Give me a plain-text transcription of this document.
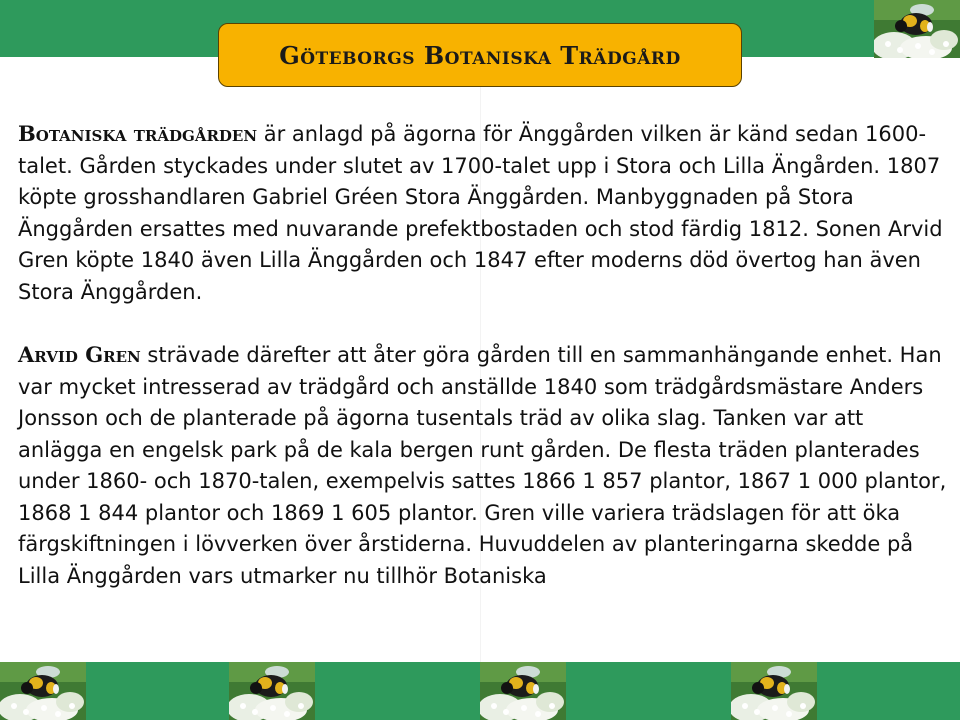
Göteborgs Botaniska Trädgård

Botaniska trädgården är anlagd på ägorna för Änggården vilken är känd sedan 1600-talet. Gården styckades under slutet av 1700-talet upp i Stora och Lilla Ängården. 1807 köpte grosshandlaren Gabriel Gréen Stora Änggården. Manbyggnaden på Stora Änggården ersattes med nuvarande prefektbostaden och stod färdig 1812. Sonen Arvid Gren köpte 1840 även Lilla Änggården och 1847 efter moderns död övertog han även Stora Änggården.

Arvid Gren strävade därefter att åter göra gården till en sammanhängande enhet. Han var mycket intresserad av trädgård och anställde 1840 som trädgårdsmästare Anders Jonsson och de planterade på ägorna tusentals träd av olika slag. Tanken var att anlägga en engelsk park på de kala bergen runt gården. De flesta träden planterades under 1860- och 1870-talen, exempelvis sattes 1866 1 857 plantor, 1867 1 000 plantor, 1868 1 844 plantor och 1869 1 605 plantor. Gren ville variera trädslagen för att öka färgskiftningen i lövverken över årstiderna. Huvuddelen av planteringarna skedde på Lilla Änggården vars utmarker nu tillhör Botaniska
